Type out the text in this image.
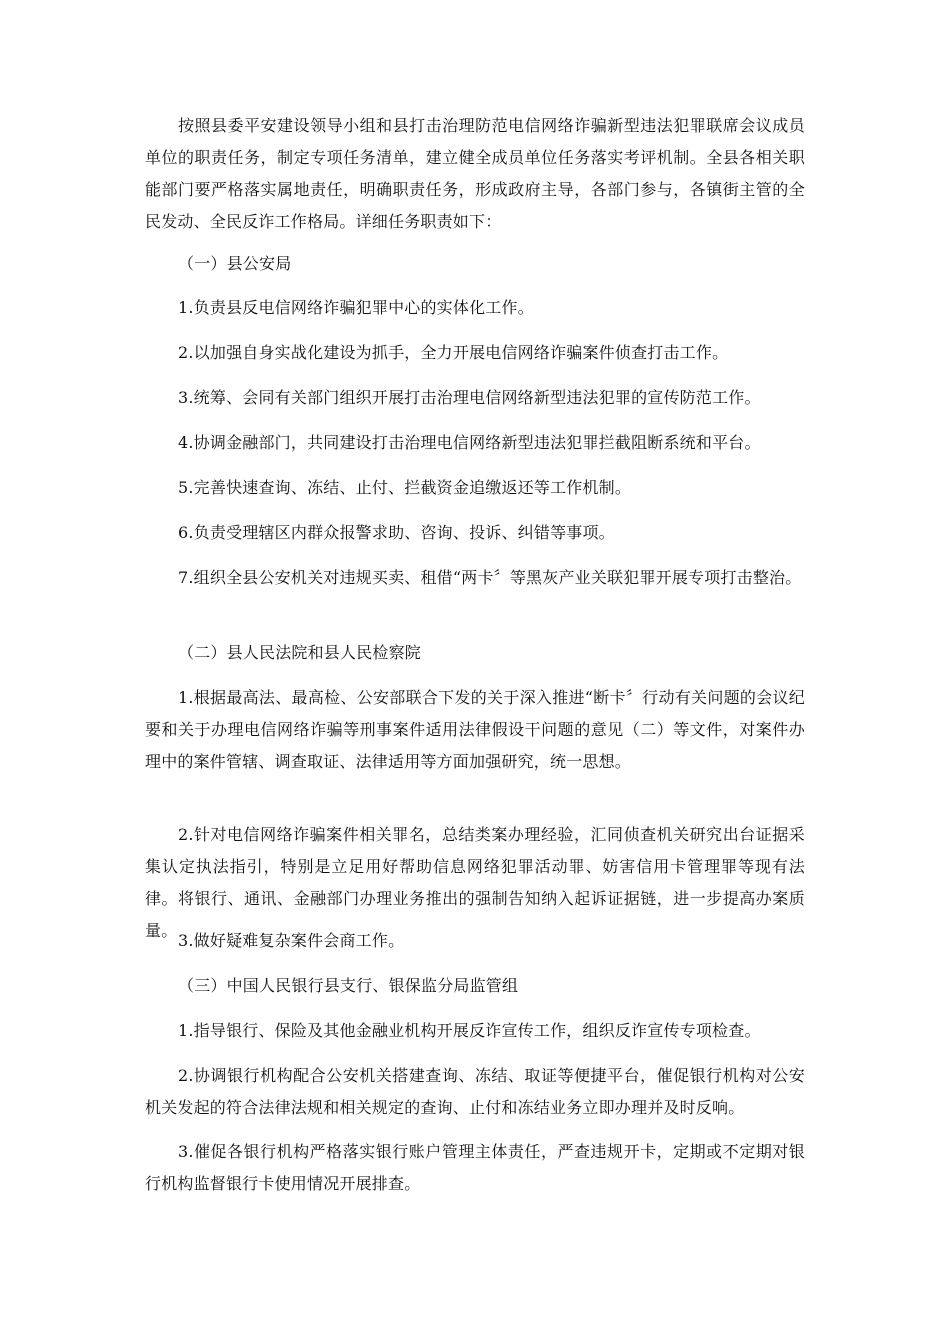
按照县委平安建设领导小组和县打击治理防范电信网络诈骗新型违法犯罪联席会议成员单位的职责任务，制定专项任务清单，建立健全成员单位任务落实考评机制。全县各相关职能部门要严格落实属地责任，明确职责任务，形成政府主导，各部门参与，各镇街主管的全民发动、全民反诈工作格局。详细任务职责如下：

（一）县公安局

1.负责县反电信网络诈骗犯罪中心的实体化工作。

2.以加强自身实战化建设为抓手，全力开展电信网络诈骗案件侦查打击工作。

3.统筹、会同有关部门组织开展打击治理电信网络新型违法犯罪的宣传防范工作。

4.协调金融部门，共同建设打击治理电信网络新型违法犯罪拦截阻断系统和平台。

5.完善快速查询、冻结、止付、拦截资金追缴返还等工作机制。

6.负责受理辖区内群众报警求助、咨询、投诉、纠错等事项。

7.组织全县公安机关对违规买卖、租借“两卡〞等黑灰产业关联犯罪开展专项打击整治。

（二）县人民法院和县人民检察院

1.根据最高法、最高检、公安部联合下发的关于深入推进“断卡〞行动有关问题的会议纪要和关于办理电信网络诈骗等刑事案件适用法律假设干问题的意见（二）等文件，对案件办理中的案件管辖、调查取证、法律适用等方面加强研究，统一思想。

2.针对电信网络诈骗案件相关罪名，总结类案办理经验，汇同侦查机关研究出台证据采集认定执法指引，特别是立足用好帮助信息网络犯罪活动罪、妨害信用卡管理罪等现有法律。将银行、通讯、金融部门办理业务推出的强制告知纳入起诉证据链，进一步提高办案质量。

3.做好疑难复杂案件会商工作。

（三）中国人民银行县支行、银保监分局监管组

1.指导银行、保险及其他金融业机构开展反诈宣传工作，组织反诈宣传专项检查。

2.协调银行机构配合公安机关搭建查询、冻结、取证等便捷平台，催促银行机构对公安机关发起的符合法律法规和相关规定的查询、止付和冻结业务立即办理并及时反响。

3.催促各银行机构严格落实银行账户管理主体责任，严查违规开卡，定期或不定期对银行机构监督银行卡使用情况开展排查。
